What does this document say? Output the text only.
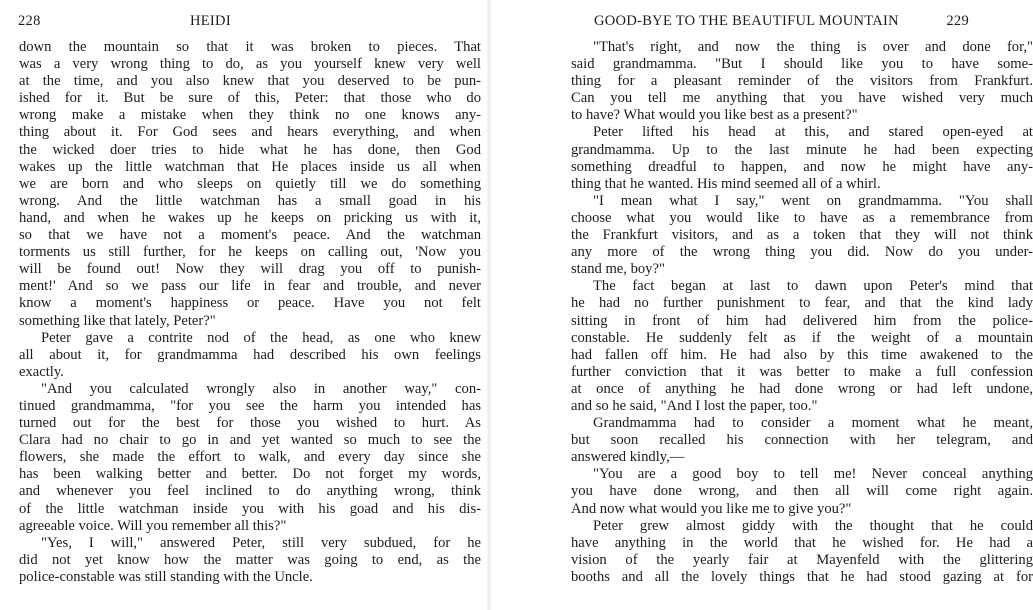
228	HEIDI
down the mountain so that it was broken to pieces. That
was a very wrong thing to do, as you yourself knew very well
at the time, and you also knew that you deserved to be pun-
ished for it. But be sure of this, Peter: that those who do
wrong make a mistake when they think no one knows any-
thing about it. For God sees and hears everything, and when
the wicked doer tries to hide what he has done, then God
wakes up the little watchman that He places inside us all when
we are born and who sleeps on quietly till we do something
wrong. And the little watchman has a small goad in his
hand, and when he wakes up he keeps on pricking us with it,
so that we have not a moment's peace. And the watchman
torments us still further, for he keeps on calling out, 'Now you
will be found out! Now they will drag you off to punish-
ment!' And so we pass our life in fear and trouble, and never
know a moment's happiness or peace. Have you not felt
something like that lately, Peter?"
Peter gave a contrite nod of the head, as one who knew
all about it, for grandmamma had described his own feelings
exactly.
"And you calculated wrongly also in another way," con-
tinued grandmamma, "for you see the harm you intended has
turned out for the best for those you wished to hurt. As
Clara had no chair to go in and yet wanted so much to see the
flowers, she made the effort to walk, and every day since she
has been walking better and better. Do not forget my words,
and whenever you feel inclined to do anything wrong, think
of the little watchman inside you with his goad and his dis-
agreeable voice. Will you remember all this?"
"Yes, I will," answered Peter, still very subdued, for he
did not yet know how the matter was going to end, as the
police-constable was still standing with the Uncle.
GOOD-BYE TO THE BEAUTIFUL MOUNTAIN	229
"That's right, and now the thing is over and done for,"
said grandmamma. "But I should like you to have some-
thing for a pleasant reminder of the visitors from Frankfurt.
Can you tell me anything that you have wished very much
to have? What would you like best as a present?"
Peter lifted his head at this, and stared open-eyed at
grandmamma. Up to the last minute he had been expecting
something dreadful to happen, and now he might have any-
thing that he wanted. His mind seemed all of a whirl.
"I mean what I say," went on grandmamma. "You shall
choose what you would like to have as a remembrance from
the Frankfurt visitors, and as a token that they will not think
any more of the wrong thing you did. Now do you under-
stand me, boy?"
The fact began at last to dawn upon Peter's mind that
he had no further punishment to fear, and that the kind lady
sitting in front of him had delivered him from the police-
constable. He suddenly felt as if the weight of a mountain
had fallen off him. He had also by this time awakened to the
further conviction that it was better to make a full confession
at once of anything he had done wrong or had left undone,
and so he said, "And I lost the paper, too."
Grandmamma had to consider a moment what he meant,
but soon recalled his connection with her telegram, and
answered kindly,—
"You are a good boy to tell me! Never conceal anything
you have done wrong, and then all will come right again.
And now what would you like me to give you?"
Peter grew almost giddy with the thought that he could
have anything in the world that he wished for. He had a
vision of the yearly fair at Mayenfeld with the glittering
booths and all the lovely things that he had stood gazing at for
